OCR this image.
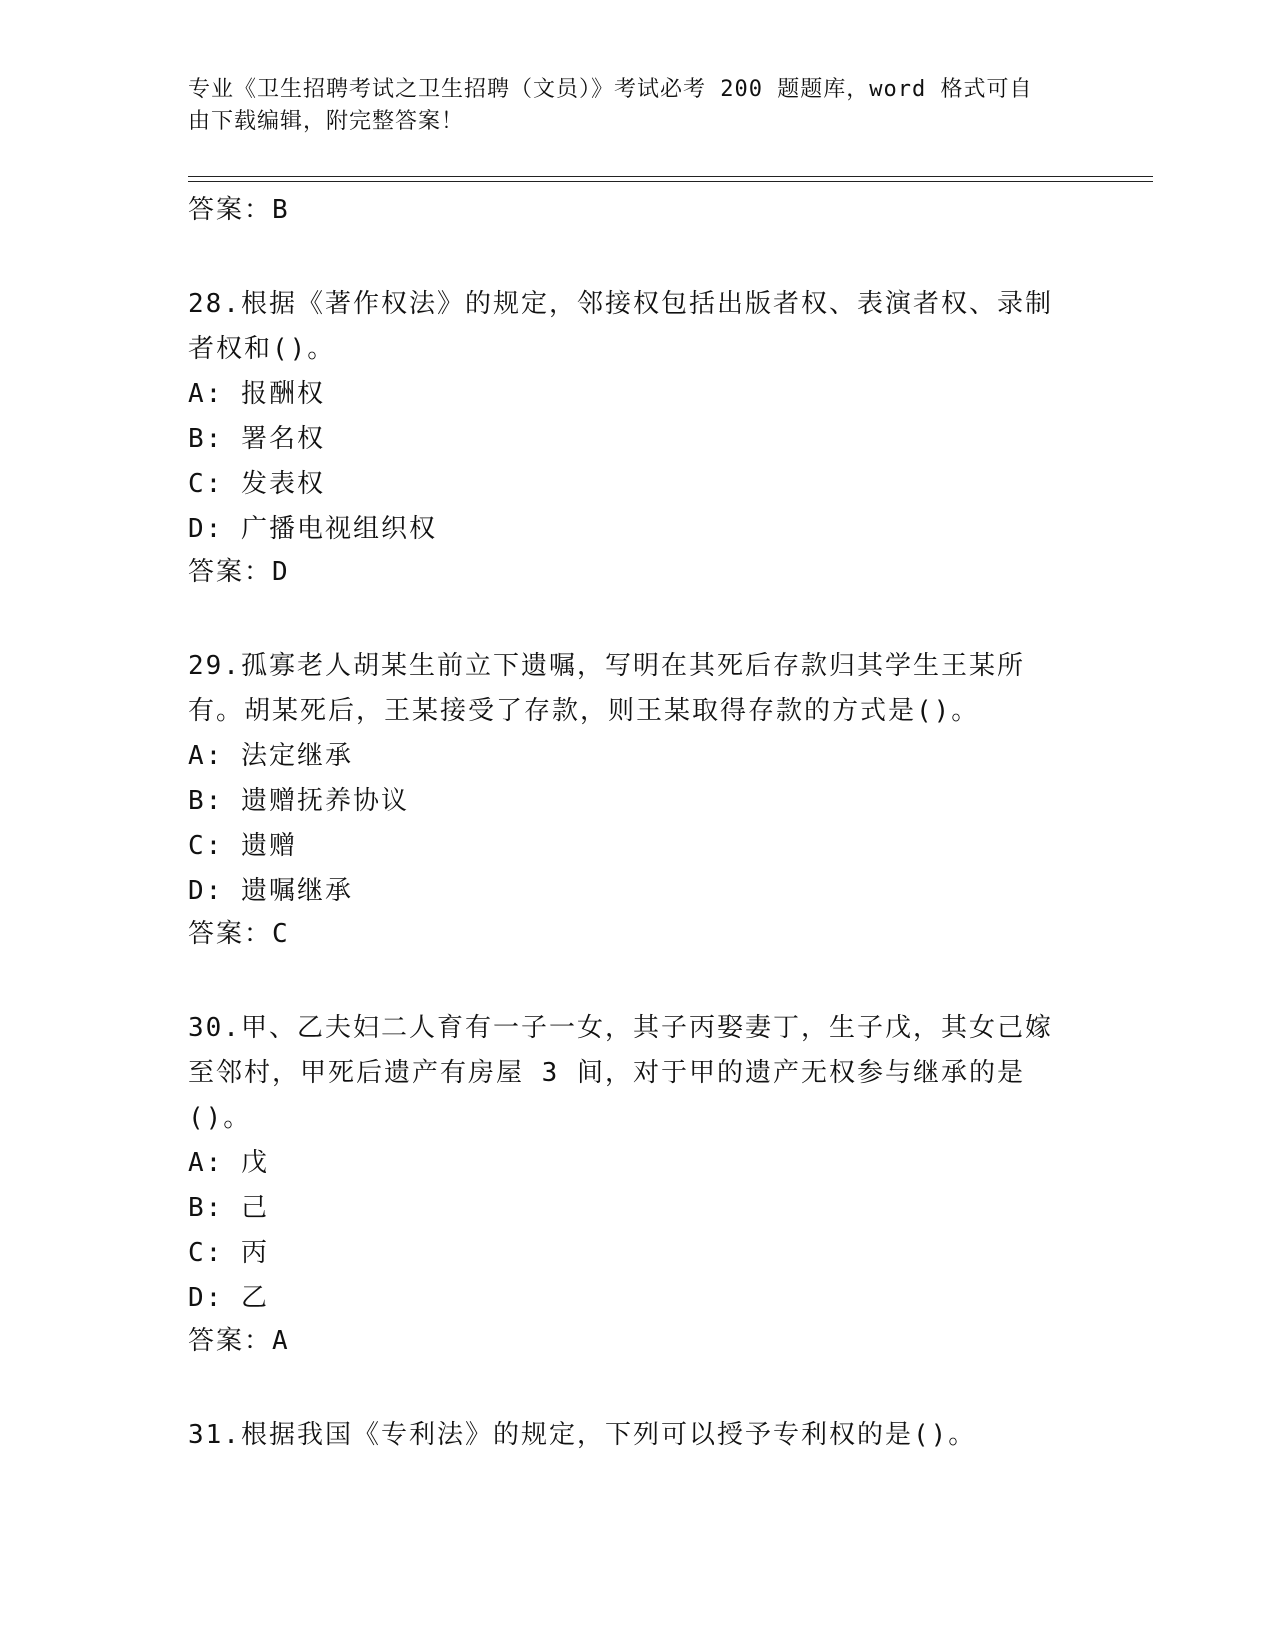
专业《卫生招聘考试之卫生招聘（文员）》考试必考 200 题题库，word 格式可自
由下载编辑，附完整答案！
答案：B
28.根据《著作权法》的规定，邻接权包括出版者权、表演者权、录制者权和()。
A: 报酬权
B: 署名权
C: 发表权
D: 广播电视组织权
答案：D
29.孤寡老人胡某生前立下遗嘱，写明在其死后存款归其学生王某所有。胡某死后，王某接受了存款，则王某取得存款的方式是()。
A: 法定继承
B: 遗赠抚养协议
C: 遗赠
D: 遗嘱继承
答案：C
30.甲、乙夫妇二人育有一子一女，其子丙娶妻丁，生子戊，其女己嫁至邻村，甲死后遗产有房屋 3 间，对于甲的遗产无权参与继承的是()。
A: 戊
B: 己
C: 丙
D: 乙
答案：A
31.根据我国《专利法》的规定，下列可以授予专利权的是()。
